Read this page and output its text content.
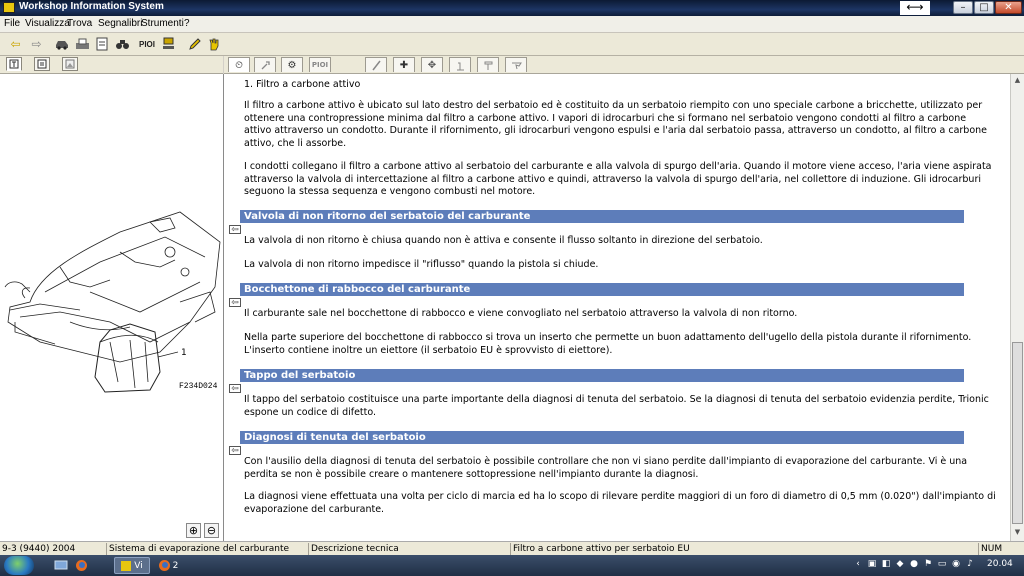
Workshop Information System	⟷	–	□	✕
File Visualizza
Trova Segnalibri
Strumenti ?
⇦ ⇨	PIOI
1
F234D024
⊕ ⊖
⏲	⚙	PIOI	✚	✥

1. Filtro a carbone attivo

Il filtro a carbone attivo è ubicato sul lato destro del serbatoio ed è costituito da un serbatoio riempito con uno speciale carbone a bricchette, utilizzato per ottenere una contropressione minima dal filtro a carbone attivo. I vapori di idrocarburi che si formano nel serbatoio vengono condotti al filtro a carbone attivo attraverso un condotto. Durante il rifornimento, gli idrocarburi vengono espulsi e l'aria dal serbatoio passa, attraverso un condotto, al filtro a carbone attivo, che li assorbe.

I condotti collegano il filtro a carbone attivo al serbatoio del carburante e alla valvola di spurgo dell'aria. Quando il motore viene acceso, l'aria viene aspirata attraverso la valvola di intercettazione al filtro a carbone attivo e quindi, attraverso la valvola di spurgo dell'aria, nel collettore di induzione. Gli idrocarburi seguono la stessa sequenza e vengono combusti nel motore.

Valvola di non ritorno del serbatoio del carburante
⇦

La valvola di non ritorno è chiusa quando non è attiva e consente il flusso soltanto in direzione del serbatoio.

La valvola di non ritorno impedisce il "riflusso" quando la pistola si chiude.

Bocchettone di rabbocco del carburante
⇦

Il carburante sale nel bocchettone di rabbocco e viene convogliato nel serbatoio attraverso la valvola di non ritorno.

Nella parte superiore del bocchettone di rabbocco si trova un inserto che permette un buon adattamento dell'ugello della pistola durante il rifornimento. L'inserto contiene inoltre un eiettore (il serbatoio EU è sprovvisto di eiettore).

Tappo del serbatoio
⇦

Il tappo del serbatoio costituisce una parte importante della diagnosi di tenuta del serbatoio. Se la diagnosi di tenuta del serbatoio evidenzia perdite, Trionic espone un codice di difetto.

Diagnosi di tenuta del serbatoio
⇦

Con l'ausilio della diagnosi di tenuta del serbatoio è possibile controllare che non vi siano perdite dall'impianto di evaporazione del carburante. Vi è una perdita se non è possibile creare o mantenere sottopressione nell'impianto durante la diagnosi.

La diagnosi viene effettuata una volta per ciclo di marcia ed ha lo scopo di rilevare perdite maggiori di un foro di diametro di 0,5 mm (0.020") dall'impianto di evaporazione del carburante.

▲
▼
9-3 (9440) 2004	Sistema di evaporazione del carburante	Descrizione tecnica	Filtro a carbone attivo per serbatoio EU	NUM
Vi	2	‹ ▣ ◧ ◆ ● ⚑ ▭ ◉ ♪	20.04
